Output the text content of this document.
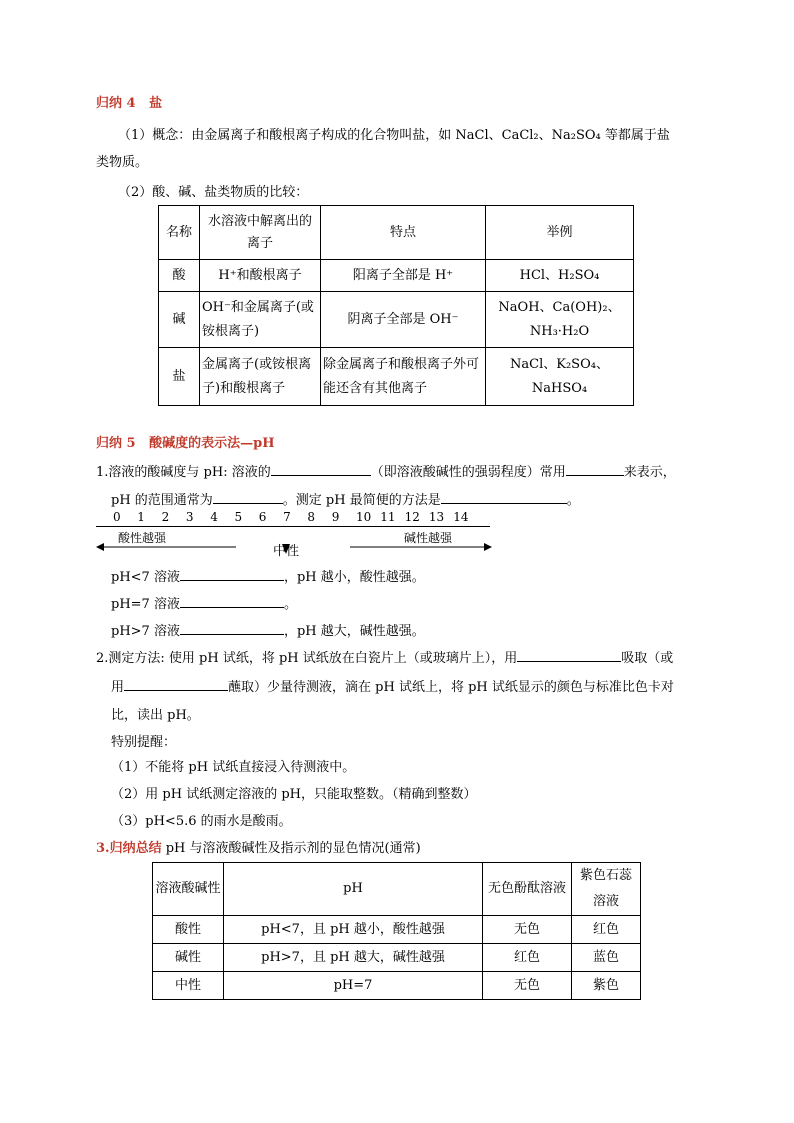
归纳 4 盐
（1）概念：由金属离子和酸根离子构成的化合物叫盐，如 NaCl、CaCl₂、Na₂SO₄ 等都属于盐
类物质。
（2）酸、碱、盐类物质的比较：
名称	水溶液中解离出的离子	特点	举例
酸	H⁺和酸根离子	阳离子全部是 H⁺	HCl、H₂SO₄
碱	OH⁻和金属离子(或铵根离子)	阴离子全部是 OH⁻	NaOH、Ca(OH)₂、NH₃·H₂O
盐	金属离子(或铵根离子)和酸根离子	除金属离子和酸根离子外可能还含有其他离子	NaCl、K₂SO₄、NaHSO₄
归纳 5 酸碱度的表示法—pH
1.溶液的酸碱度与 pH: 溶液的	（即溶液酸碱性的强弱程度）常用	来表示，
pH 的范围通常为	。测定 pH 最简便的方法是	。
0 1 2 3 4 5 6 7 8 9 10 11 12 13 14
酸性越强
中性
碱性越强
pH<7 溶液	，pH 越小，酸性越强。
pH=7 溶液	。
pH>7 溶液	，pH 越大，碱性越强。
2.测定方法: 使用 pH 试纸，将 pH 试纸放在白瓷片上（或玻璃片上），用	吸取（或
用	蘸取）少量待测液，滴在 pH 试纸上，将 pH 试纸显示的颜色与标准比色卡对
比，读出 pH。
特别提醒：
（1）不能将 pH 试纸直接浸入待测液中。
（2）用 pH 试纸测定溶液的 pH，只能取整数。（精确到整数）
（3）pH<5.6 的雨水是酸雨。
3.归纳总结 pH 与溶液酸碱性及指示剂的显色情况(通常)
溶液酸碱性	pH	无色酚酞溶液	紫色石蕊溶液
酸性	pH<7，且 pH 越小，酸性越强	无色	红色
碱性	pH>7，且 pH 越大，碱性越强	红色	蓝色
中性	pH=7	无色	紫色
